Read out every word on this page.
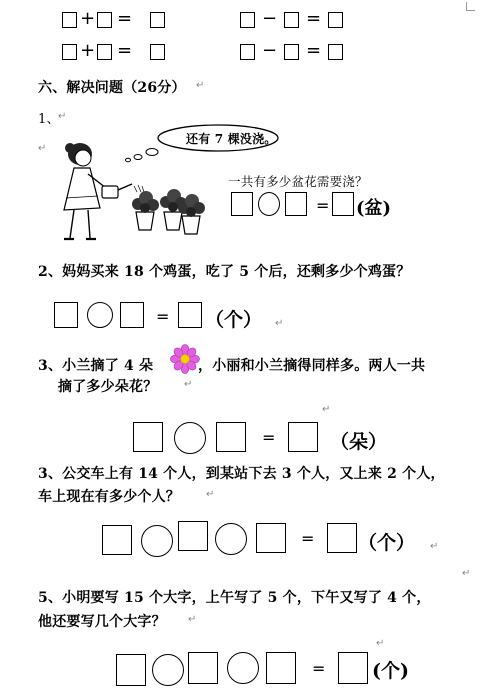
+ =	− =
+ =	− =
六、解决问题（26分） ↵
1、
↵
↵
还有 7 棵没浇。
一共有多少盆花需要浇？
= (盆)
2、妈妈买来 18 个鸡蛋，吃了 5 个后，还剩多少个鸡蛋？
= （个） ↵
3、小兰摘了 4 朵	，小丽和小兰摘得同样多。两人一共
摘了多少朵花？	↵
↵
=	（朵）
3、公交车上有 14 个人，到某站下去 3 个人，又上来 2 个人，
车上现在有多少个人？	↵
= （个） ↵
↵
5、小明要写 15 个大字，上午写了 5 个，下午又写了 4 个，
他还要写几个大字？ ↵
= (个)
↵
